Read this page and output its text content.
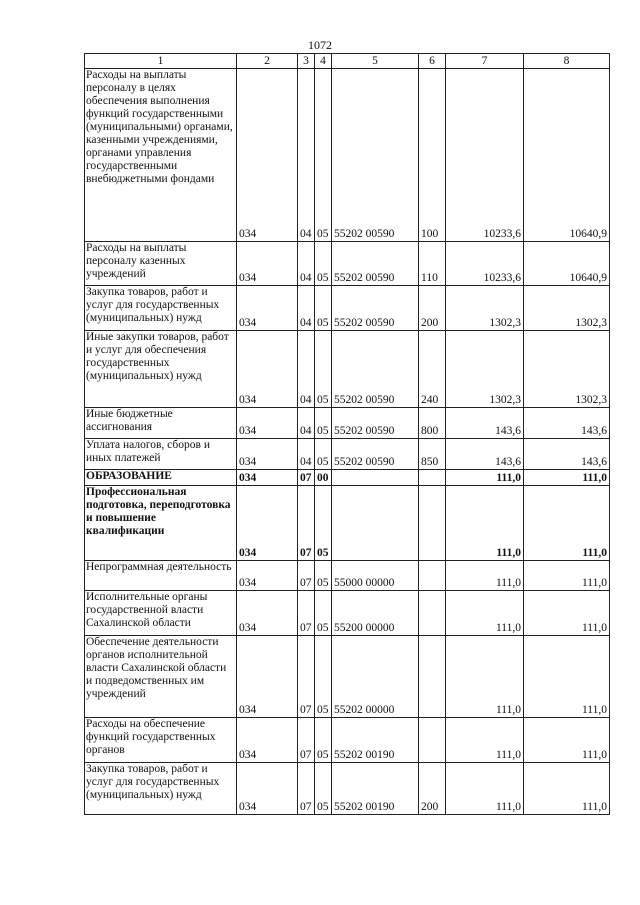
1072
1	2	3	4	5	6	7	8

Расходы на выплаты персоналу в целях обеспечения выполнения функций государственными (муниципальными) органами, казенными учреждениями, органами управления государственными внебюджетными фондами	034	04	05	55202 00590	100	10233,6	10640,9

Расходы на выплаты персоналу казенных учреждений	034	04	05	55202 00590	110	10233,6	10640,9

Закупка товаров, работ и услуг для государственных (муниципальных) нужд	034	04	05	55202 00590	200	1302,3	1302,3

Иные закупки товаров, работ и услуг для обеспечения государственных (муниципальных) нужд	034	04	05	55202 00590	240	1302,3	1302,3

Иные бюджетные ассигнования	034	04	05	55202 00590	800	143,6	143,6

Уплата налогов, сборов и иных платежей	034	04	05	55202 00590	850	143,6	143,6

ОБРАЗОВАНИЕ	034	07	00			111,0	111,0

Профессиональная подготовка, переподготовка и повышение квалификации	034	07	05			111,0	111,0

Непрограммная деятельность	034	07	05	55000 00000		111,0	111,0

Исполнительные органы государственной власти Сахалинской области	034	07	05	55200 00000		111,0	111,0

Обеспечение деятельности органов исполнительной власти Сахалинской области и подведомственных им учреждений	034	07	05	55202 00000		111,0	111,0

Расходы на обеспечение функций государственных органов	034	07	05	55202 00190		111,0	111,0

Закупка товаров, работ и услуг для государственных (муниципальных) нужд	034	07	05	55202 00190	200	111,0	111,0
